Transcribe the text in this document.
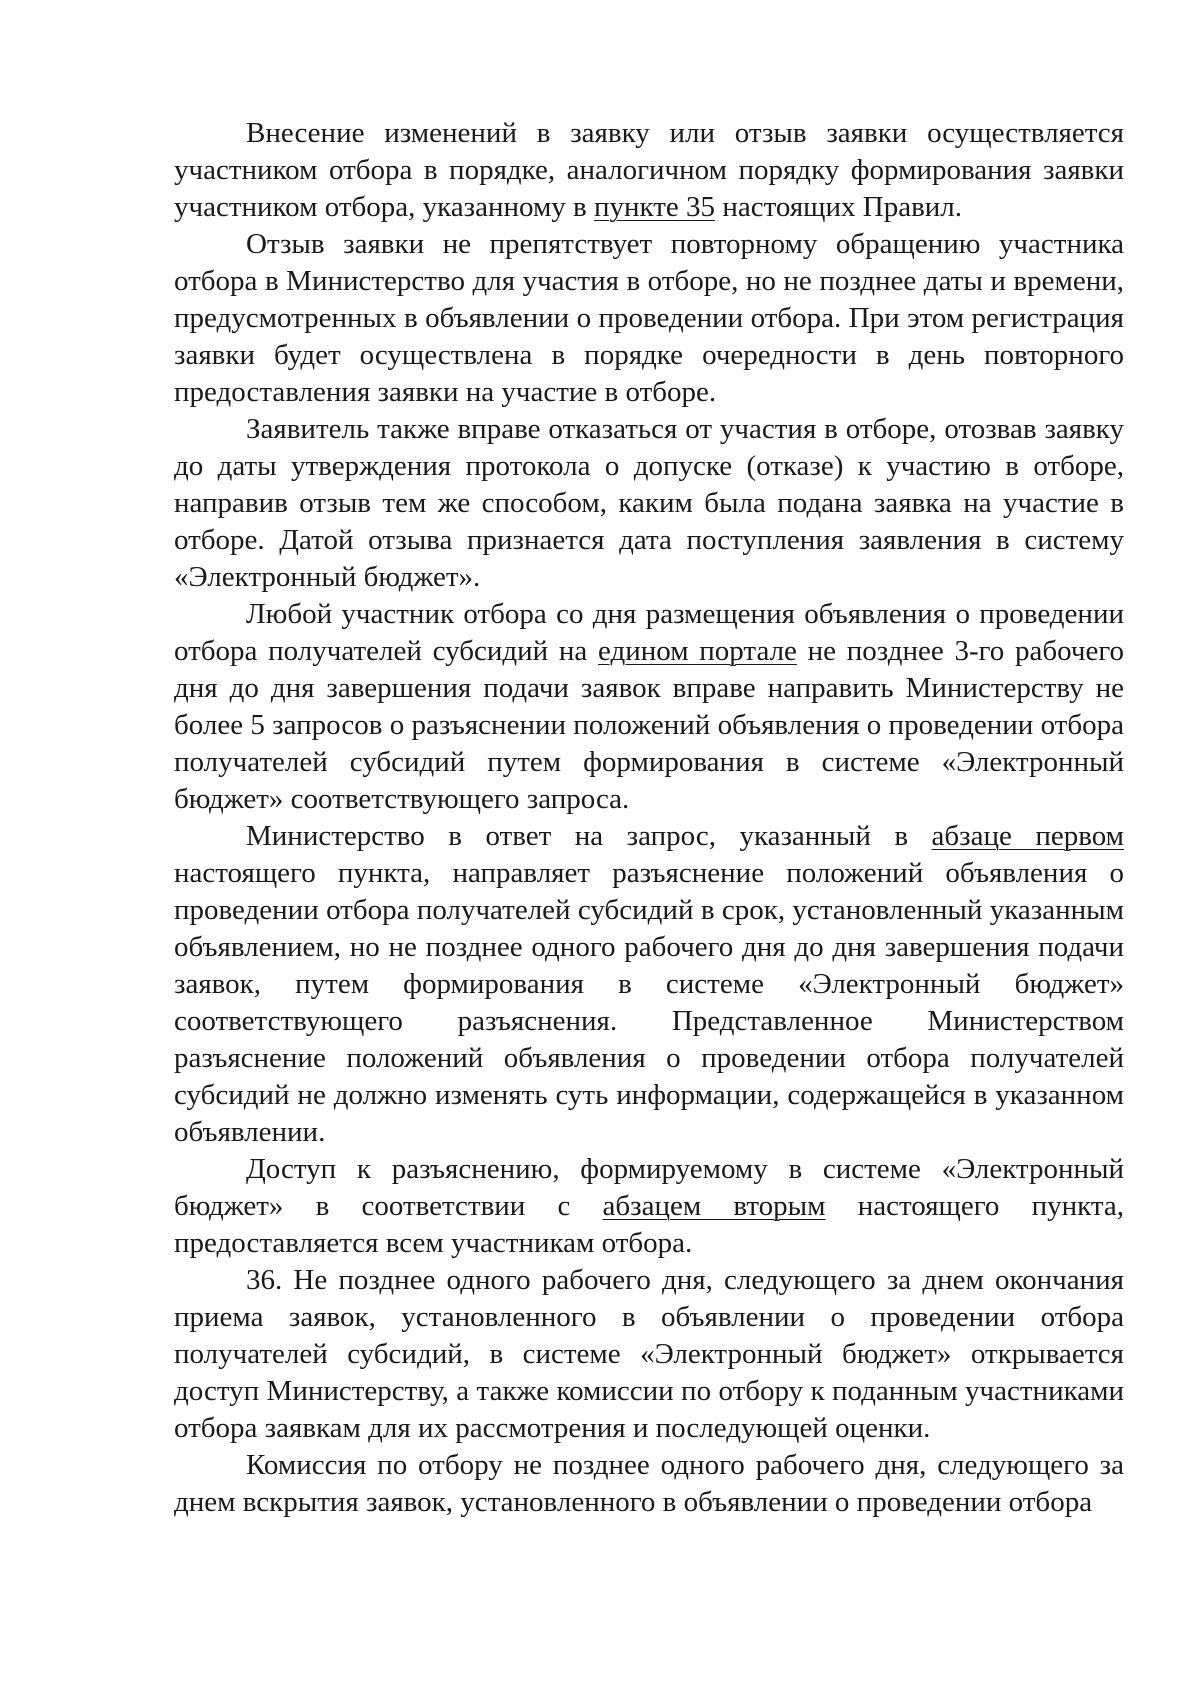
Внесение изменений в заявку или отзыв заявки осуществляется участником отбора в порядке, аналогичном порядку формирования заявки участником отбора, указанному в пункте 35 настоящих Правил.

Отзыв заявки не препятствует повторному обращению участника отбора в Министерство для участия в отборе, но не позднее даты и времени, предусмотренных в объявлении о проведении отбора. При этом регистрация заявки будет осуществлена в порядке очередности в день повторного предоставления заявки на участие в отборе.

Заявитель также вправе отказаться от участия в отборе, отозвав заявку до даты утверждения протокола о допуске (отказе) к участию в отборе, направив отзыв тем же способом, каким была подана заявка на участие в отборе. Датой отзыва признается дата поступления заявления в систему «Электронный бюджет».

Любой участник отбора со дня размещения объявления о проведении отбора получателей субсидий на едином портале не позднее 3-го рабочего дня до дня завершения подачи заявок вправе направить Министерству не более 5 запросов о разъяснении положений объявления о проведении отбора получателей субсидий путем формирования в системе «Электронный бюджет» соответствующего запроса.

Министерство в ответ на запрос, указанный в абзаце первом настоящего пункта, направляет разъяснение положений объявления о проведении отбора получателей субсидий в срок, установленный указанным объявлением, но не позднее одного рабочего дня до дня завершения подачи заявок, путем формирования в системе «Электронный бюджет» соответствующего разъяснения. Представленное Министерством разъяснение положений объявления о проведении отбора получателей субсидий не должно изменять суть информации, содержащейся в указанном объявлении.

Доступ к разъяснению, формируемому в системе «Электронный бюджет» в соответствии с абзацем вторым настоящего пункта, предоставляется всем участникам отбора.

36. Не позднее одного рабочего дня, следующего за днем окончания приема заявок, установленного в объявлении о проведении отбора получателей субсидий, в системе «Электронный бюджет» открывается доступ Министерству, а также комиссии по отбору к поданным участниками отбора заявкам для их рассмотрения и последующей оценки.

Комиссия по отбору не позднее одного рабочего дня, следующего за днем вскрытия заявок, установленного в объявлении о проведении отбора
